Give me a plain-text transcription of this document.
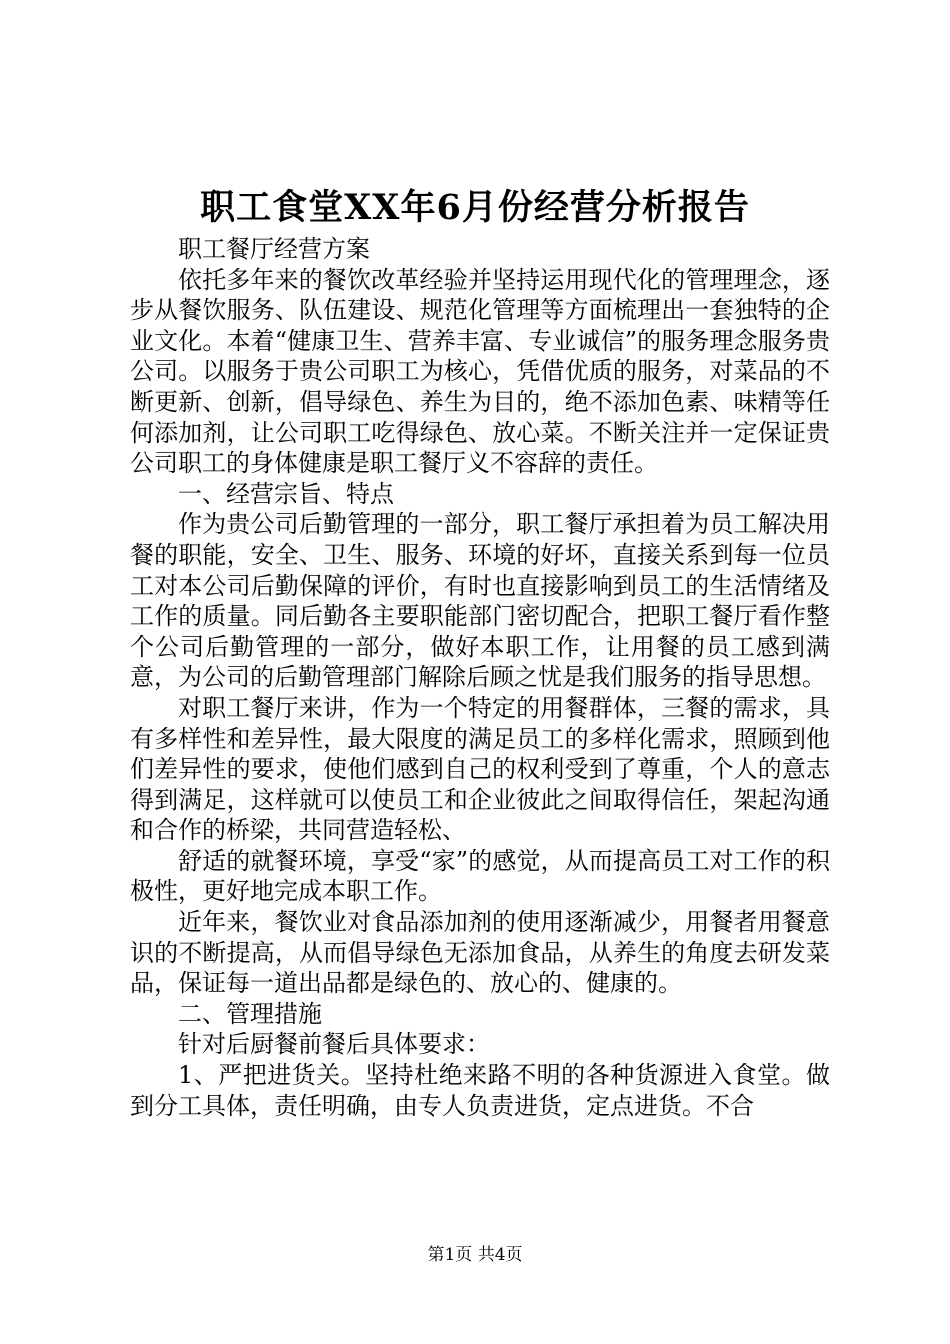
职工食堂XX年6月份经营分析报告

职工餐厅经营方案

依托多年来的餐饮改革经验并坚持运用现代化的管理理念，逐步从餐饮服务、队伍建设、规范化管理等方面梳理出一套独特的企业文化。本着“健康卫生、营养丰富、专业诚信”的服务理念服务贵公司。以服务于贵公司职工为核心，凭借优质的服务，对菜品的不断更新、创新，倡导绿色、养生为目的，绝不添加色素、味精等任何添加剂，让公司职工吃得绿色、放心菜。不断关注并一定保证贵公司职工的身体健康是职工餐厅义不容辞的责任。

一、经营宗旨、特点

作为贵公司后勤管理的一部分，职工餐厅承担着为员工解决用餐的职能，安全、卫生、服务、环境的好坏，直接关系到每一位员工对本公司后勤保障的评价，有时也直接影响到员工的生活情绪及工作的质量。同后勤各主要职能部门密切配合，把职工餐厅看作整个公司后勤管理的一部分，做好本职工作，让用餐的员工感到满意，为公司的后勤管理部门解除后顾之忧是我们服务的指导思想。

对职工餐厅来讲，作为一个特定的用餐群体，三餐的需求，具有多样性和差异性，最大限度的满足员工的多样化需求，照顾到他们差异性的要求，使他们感到自己的权利受到了尊重，个人的意志得到满足，这样就可以使员工和企业彼此之间取得信任，架起沟通和合作的桥梁，共同营造轻松、

舒适的就餐环境，享受“家”的感觉，从而提高员工对工作的积极性，更好地完成本职工作。

近年来，餐饮业对食品添加剂的使用逐渐减少，用餐者用餐意识的不断提高，从而倡导绿色无添加食品，从养生的角度去研发菜品，保证每一道出品都是绿色的、放心的、健康的。

二、管理措施

针对后厨餐前餐后具体要求：

1、严把进货关。坚持杜绝来路不明的各种货源进入食堂。做到分工具体，责任明确，由专人负责进货，定点进货。不合

第1页 共4页
